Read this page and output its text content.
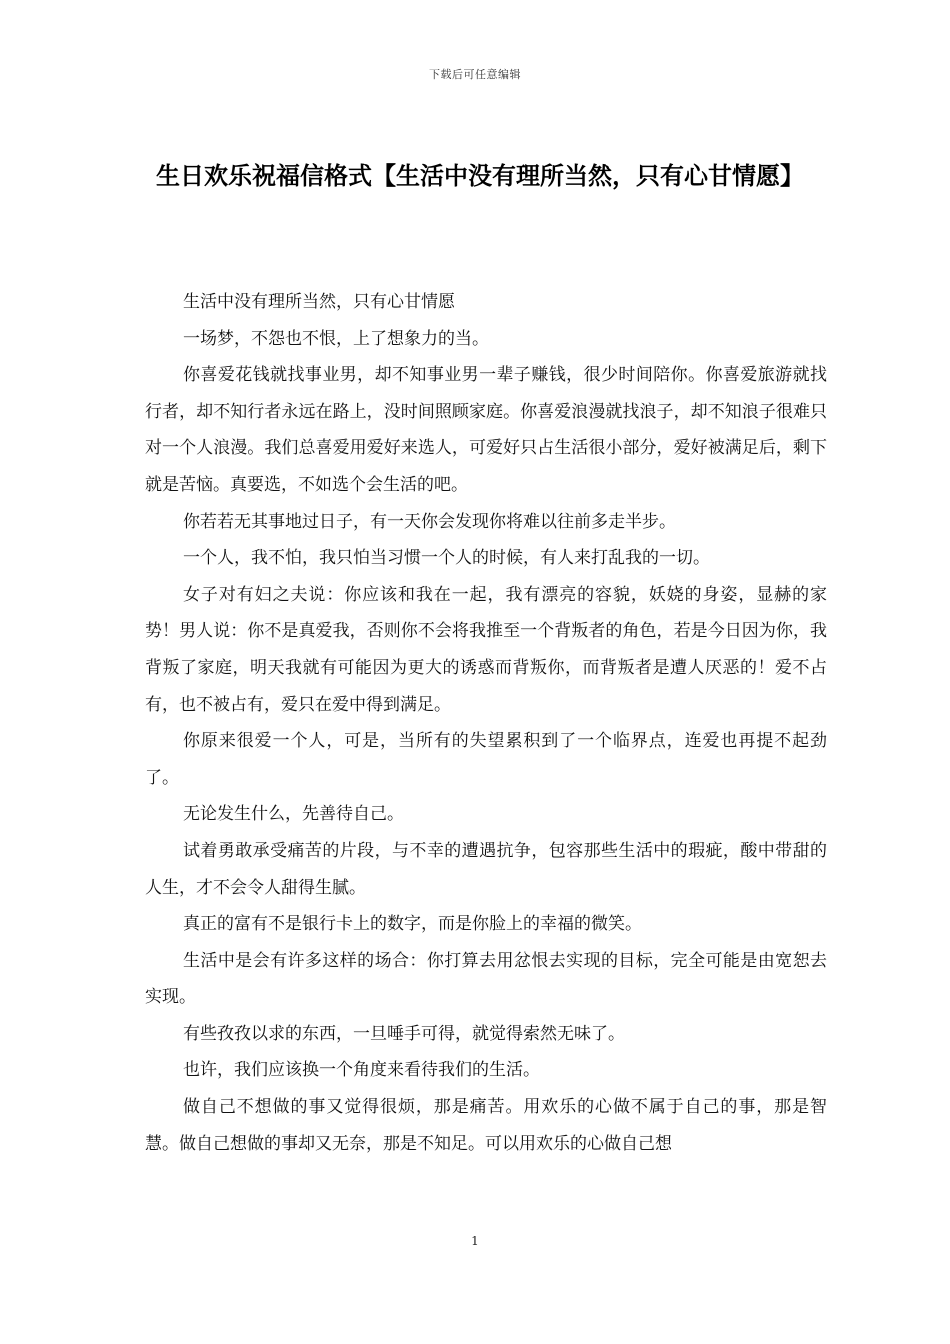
下载后可任意编辑
生日欢乐祝福信格式【生活中没有理所当然，只有心甘情愿】

生活中没有理所当然，只有心甘情愿

一场梦，不怨也不恨，上了想象力的当。

你喜爱花钱就找事业男，却不知事业男一辈子赚钱，很少时间陪你。你喜爱旅游就找行者，却不知行者永远在路上，没时间照顾家庭。你喜爱浪漫就找浪子，却不知浪子很难只对一个人浪漫。我们总喜爱用爱好来选人，可爱好只占生活很小部分，爱好被满足后，剩下就是苦恼。真要选，不如选个会生活的吧。

你若若无其事地过日子，有一天你会发现你将难以往前多走半步。

一个人，我不怕，我只怕当习惯一个人的时候，有人来打乱我的一切。

女子对有妇之夫说：你应该和我在一起，我有漂亮的容貌，妖娆的身姿，显赫的家势！男人说：你不是真爱我，否则你不会将我推至一个背叛者的角色，若是今日因为你，我背叛了家庭，明天我就有可能因为更大的诱惑而背叛你，而背叛者是遭人厌恶的！爱不占有，也不被占有，爱只在爱中得到满足。

你原来很爱一个人，可是，当所有的失望累积到了一个临界点，连爱也再提不起劲了。

无论发生什么，先善待自己。

试着勇敢承受痛苦的片段，与不幸的遭遇抗争，包容那些生活中的瑕疵，酸中带甜的人生，才不会令人甜得生腻。

真正的富有不是银行卡上的数字，而是你脸上的幸福的微笑。

生活中是会有许多这样的场合：你打算去用忿恨去实现的目标，完全可能是由宽恕去实现。

有些孜孜以求的东西，一旦唾手可得，就觉得索然无味了。

也许，我们应该换一个角度来看待我们的生活。

做自己不想做的事又觉得很烦，那是痛苦。用欢乐的心做不属于自己的事，那是智慧。做自己想做的事却又无奈，那是不知足。可以用欢乐的心做自己想

1
